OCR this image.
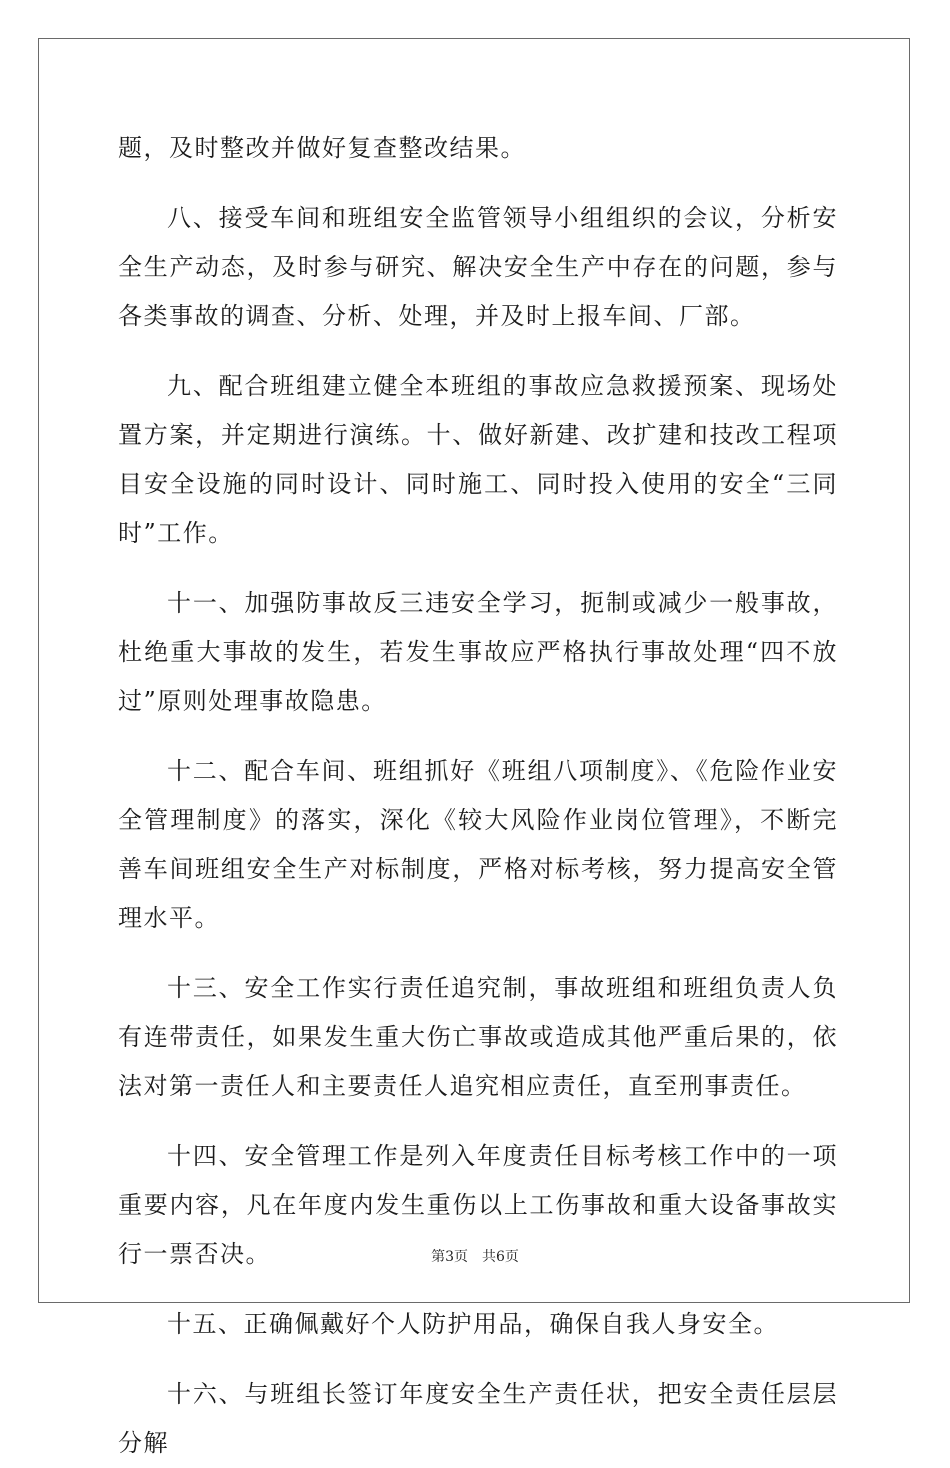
题，及时整改并做好复查整改结果。

八、接受车间和班组安全监管领导小组组织的会议，分析安全生产动态，及时参与研究、解决安全生产中存在的问题，参与各类事故的调查、分析、处理，并及时上报车间、厂部。

九、配合班组建立健全本班组的事故应急救援预案、现场处置方案，并定期进行演练。十、做好新建、改扩建和技改工程项目安全设施的同时设计、同时施工、同时投入使用的安全“三同时”工作。

十一、加强防事故反三违安全学习，扼制或减少一般事故，杜绝重大事故的发生，若发生事故应严格执行事故处理“四不放过”原则处理事故隐患。

十二、配合车间、班组抓好《班组八项制度》、《危险作业安全管理制度》的落实，深化《较大风险作业岗位管理》，不断完善车间班组安全生产对标制度，严格对标考核，努力提高安全管理水平。

十三、安全工作实行责任追究制，事故班组和班组负责人负有连带责任，如果发生重大伤亡事故或造成其他严重后果的，依法对第一责任人和主要责任人追究相应责任，直至刑事责任。

十四、安全管理工作是列入年度责任目标考核工作中的一项重要内容，凡在年度内发生重伤以上工伤事故和重大设备事故实行一票否决。

十五、正确佩戴好个人防护用品，确保自我人身安全。

十六、与班组长签订年度安全生产责任状，把安全责任层层分解

第3页　共6页
